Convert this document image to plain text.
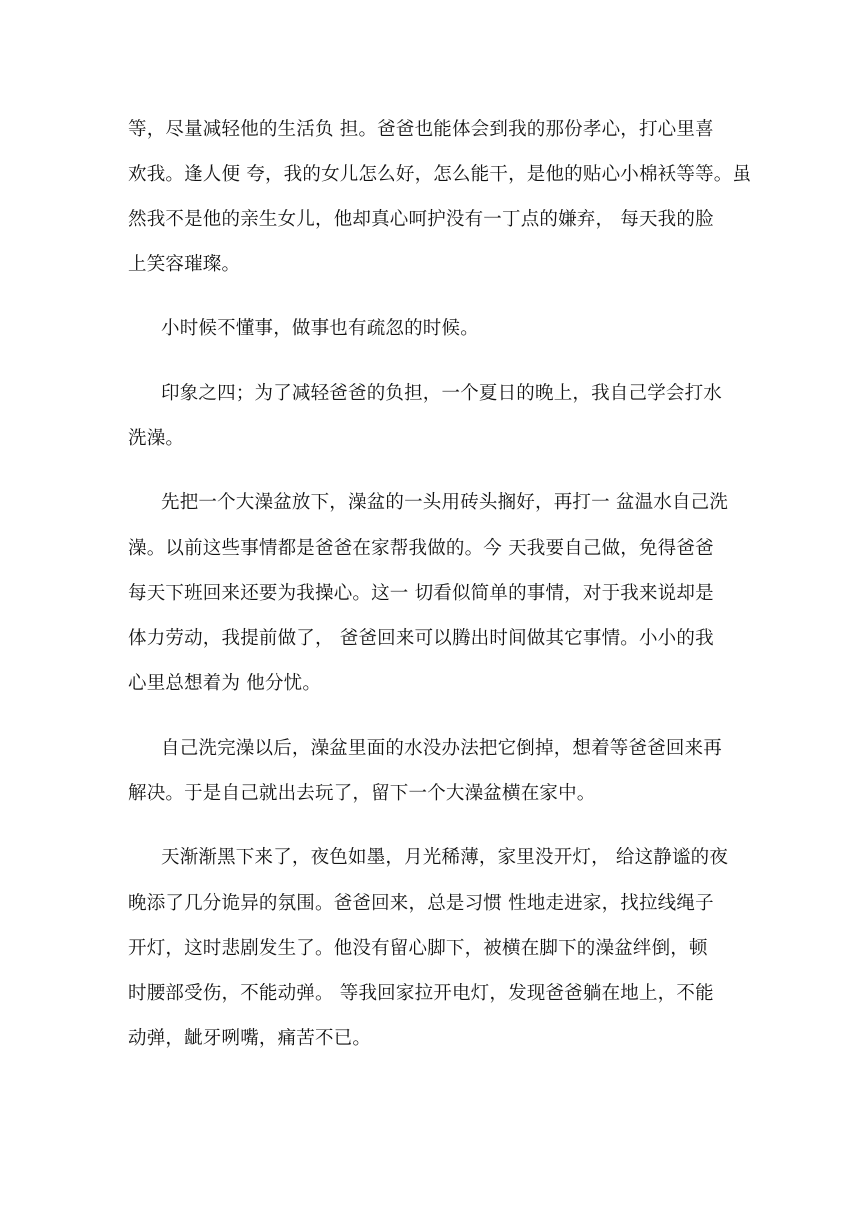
等，尽量减轻他的生活负 担。爸爸也能体会到我的那份孝心，打心里喜
欢我。逢人便 夸，我的女儿怎么好，怎么能干，是他的贴心小棉袄等等。虽
然我不是他的亲生女儿，他却真心呵护没有一丁点的嫌弃， 每天我的脸
上笑容璀璨。
小时候不懂事，做事也有疏忽的时候。
印象之四；为了减轻爸爸的负担，一个夏日的晚上，我自己学会打水
洗澡。
先把一个大澡盆放下，澡盆的一头用砖头搁好，再打一 盆温水自己洗
澡。以前这些事情都是爸爸在家帮我做的。今 天我要自己做，免得爸爸
每天下班回来还要为我操心。这一 切看似简单的事情，对于我来说却是
体力劳动，我提前做了， 爸爸回来可以腾出时间做其它事情。小小的我
心里总想着为 他分忧。
自己洗完澡以后，澡盆里面的水没办法把它倒掉，想着等爸爸回来再
解决。于是自己就出去玩了，留下一个大澡盆横在家中。
天渐渐黑下来了，夜色如墨，月光稀薄，家里没开灯， 给这静谧的夜
晚添了几分诡异的氛围。爸爸回来，总是习惯 性地走进家，找拉线绳子
开灯，这时悲剧发生了。他没有留心脚下，被横在脚下的澡盆绊倒，顿
时腰部受伤，不能动弹。 等我回家拉开电灯，发现爸爸躺在地上，不能
动弹，龇牙咧嘴，痛苦不已。
